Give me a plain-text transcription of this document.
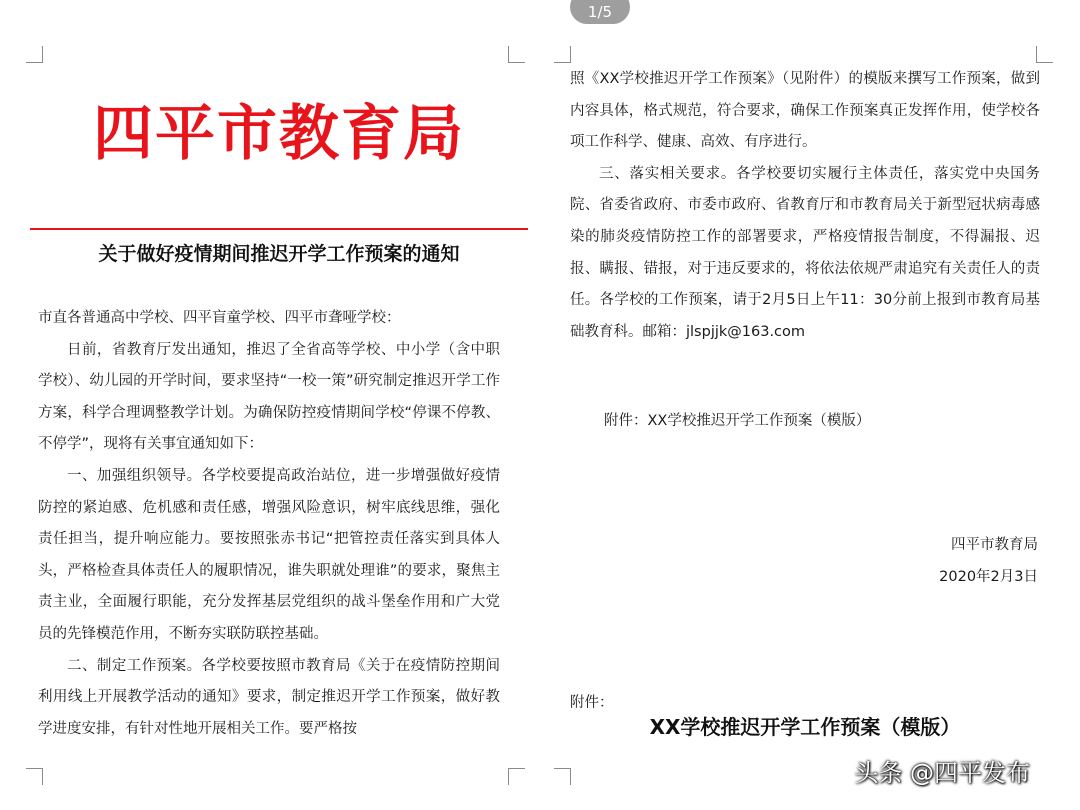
四平市教育局
关于做好疫情期间推迟开学工作预案的通知

市直各普通高中学校、四平盲童学校、四平市聋哑学校：

日前，省教育厅发出通知，推迟了全省高等学校、中小学（含中职学校）、幼儿园的开学时间，要求坚持“一校一策”研究制定推迟开学工作方案，科学合理调整教学计划。为确保防控疫情期间学校“停课不停教、不停学”，现将有关事宜通知如下：

一、加强组织领导。各学校要提高政治站位，进一步增强做好疫情防控的紧迫感、危机感和责任感，增强风险意识，树牢底线思维，强化责任担当，提升响应能力。要按照张赤书记“把管控责任落实到具体人头，严格检查具体责任人的履职情况，谁失职就处理谁”的要求，聚焦主责主业，全面履行职能，充分发挥基层党组织的战斗堡垒作用和广大党员的先锋模范作用，不断夯实联防联控基础。

二、制定工作预案。各学校要按照市教育局《关于在疫情防控期间利用线上开展教学活动的通知》要求，制定推迟开学工作预案，做好教学进度安排，有针对性地开展相关工作。要严格按

照《XX学校推迟开学工作预案》（见附件）的模版来撰写工作预案，做到内容具体，格式规范，符合要求，确保工作预案真正发挥作用，使学校各项工作科学、健康、高效、有序进行。

三、落实相关要求。各学校要切实履行主体责任，落实党中央国务院、省委省政府、市委市政府、省教育厅和市教育局关于新型冠状病毒感染的肺炎疫情防控工作的部署要求，严格疫情报告制度，不得漏报、迟报、瞒报、错报，对于违反要求的，将依法依规严肃追究有关责任人的责任。各学校的工作预案，请于2月5日上午11：30分前上报到市教育局基础教育科。邮箱：jlspjjk@163.com

附件：XX学校推迟开学工作预案（模版）
四平市教育局
2020年2月3日
附件：
XX学校推迟开学工作预案（模版）
1/5
头条 @四平发布
